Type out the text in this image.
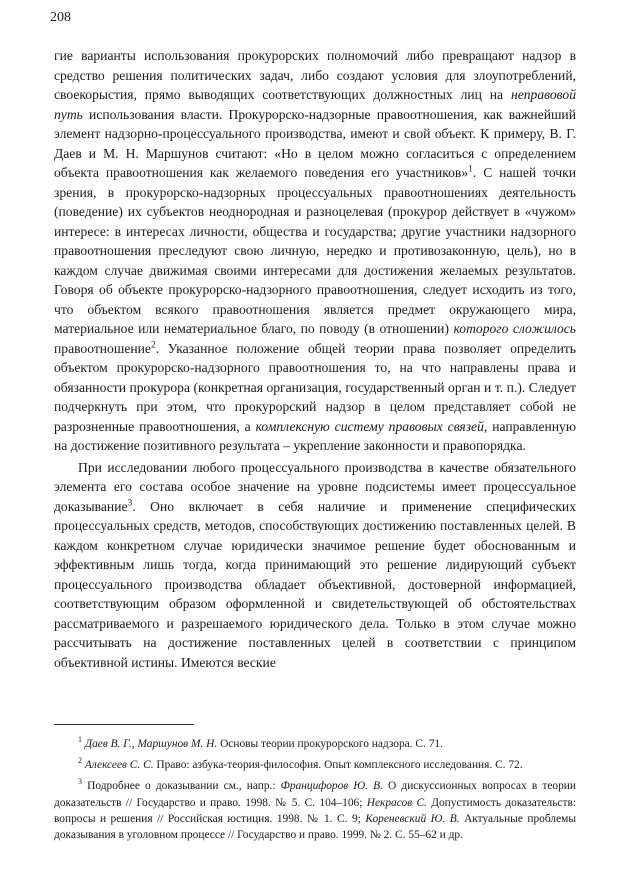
208

гие варианты использования прокурорских полномочий либо превращают надзор в средство решения политических задач, либо создают условия для злоупотреблений, своекорыстия, прямо выводящих соответствующих должностных лиц на неправовой путь использования власти. Прокурорско-надзорные правоотношения, как важнейший элемент надзорно-процессуального производства, имеют и свой объект. К примеру, В. Г. Даев и М. Н. Маршунов считают: «Но в целом можно согласиться с определением объекта правоотношения как желаемого поведения его участников»$^1$. С нашей точки зрения, в прокурорско-надзорных процессуальных правоотношениях деятельность (поведение) их субъектов неоднородная и разноцелевая (прокурор действует в «чужом» интересе: в интересах личности, общества и государства; другие участники надзорного правоотношения преследуют свою личную, нередко и противозаконную, цель), но в каждом случае движимая своими интересами для достижения желаемых результатов. Говоря об объекте прокурорско-надзорного правоотношения, следует исходить из того, что объектом всякого правоотношения является предмет окружающего мира, материальное или нематериальное благо, по поводу (в отношении) которого сложилось правоотношение$^2$. Указанное положение общей теории права позволяет определить объектом прокурорско-надзорного правоотношения то, на что направлены права и обязанности прокурора (конкретная организация, государственный орган и т. п.). Следует подчеркнуть при этом, что прокурорский надзор в целом представляет собой не разрозненные правоотношения, а комплексную систему правовых связей, направленную на достижение позитивного результата – укрепление законности и правопорядка.

При исследовании любого процессуального производства в качестве обязательного элемента его состава особое значение на уровне подсистемы имеет процессуальное доказывание$^3$. Оно включает в себя наличие и применение специфических процессуальных средств, методов, способствующих достижению поставленных целей. В каждом конкретном случае юридически значимое решение будет обоснованным и эффективным лишь тогда, когда принимающий это решение лидирующий субъект процессуального производства обладает объективной, достоверной информацией, соответствующим образом оформленной и свидетельствующей об обстоятельствах рассматриваемого и разрешаемого юридического дела. Только в этом случае можно рассчитывать на достижение поставленных целей в соответствии с принципом объективной истины. Имеются веские

$^1$ Даев В. Г., Маршунов М. Н. Основы теории прокурорского надзора. С. 71.

$^2$ Алексеев С. С. Право: азбука-теория-философия. Опыт комплексного исследования. С. 72.

$^3$ Подробнее о доказывании см., напр.: Францифоров Ю. В. О дискуссионных вопросах в теории доказательств // Государство и право. 1998. № 5. С. 104–106; Некрасов С. Допустимость доказательств: вопросы и решения // Российская юстиция. 1998. № 1. С. 9; Кореневский Ю. В. Актуальные проблемы доказывания в уголовном процессе // Государство и право. 1999. № 2. С. 55–62 и др.
